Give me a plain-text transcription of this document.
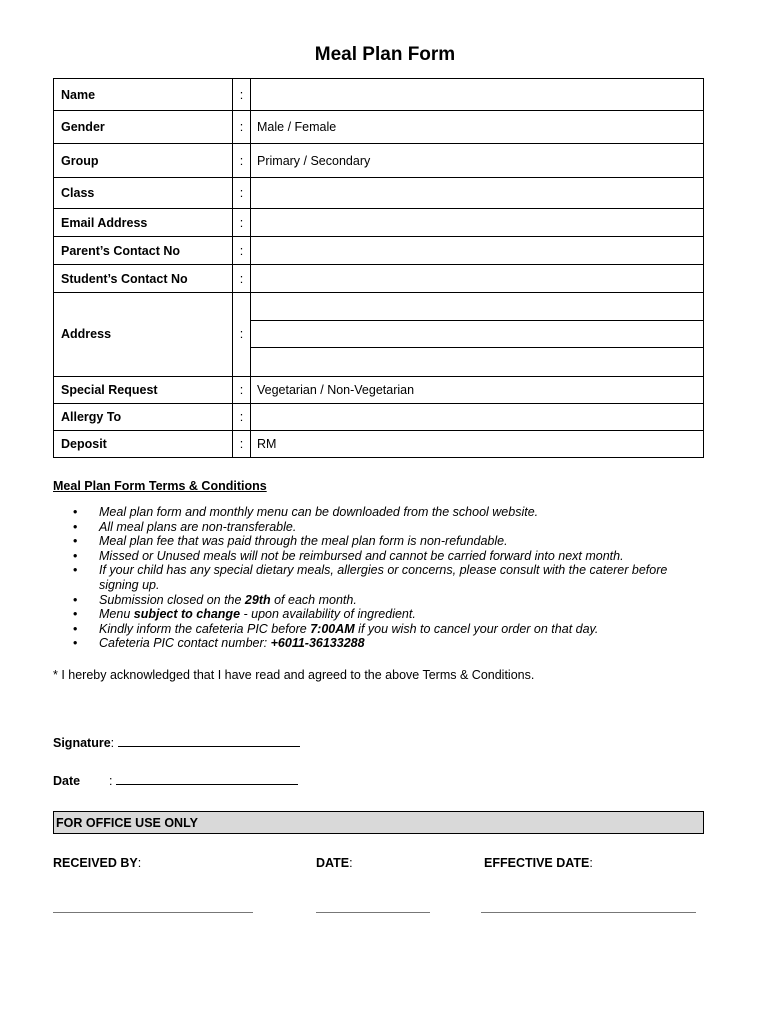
Meal Plan Form
Name	:	
Gender	:	Male / Female
Group	:	Primary / Secondary
Class	:	
Email Address	:	
Parent’s Contact No	:	
Student’s Contact No	:	
Address	:	

Special Request	:	Vegetarian / Non-Vegetarian
Allergy To	:	
Deposit	:	RM
Meal Plan Form Terms & Conditions
• Meal plan form and monthly menu can be downloaded from the school website.
• All meal plans are non-transferable.
• Meal plan fee that was paid through the meal plan form is non-refundable.
• Missed or Unused meals will not be reimbursed and cannot be carried forward into next month.
• If your child has any special dietary meals, allergies or concerns, please consult with the caterer before signing up.
• Submission closed on the 29th of each month.
• Menu subject to change - upon availability of ingredient.
• Kindly inform the cafeteria PIC before 7:00AM if you wish to cancel your order on that day.
• Cafeteria PIC contact number: +6011-36133288
* I hereby acknowledged that I have read and agreed to the above Terms & Conditions.
Signature:
Date :
FOR OFFICE USE ONLY
RECEIVED BY:	DATE:	EFFECTIVE DATE:
